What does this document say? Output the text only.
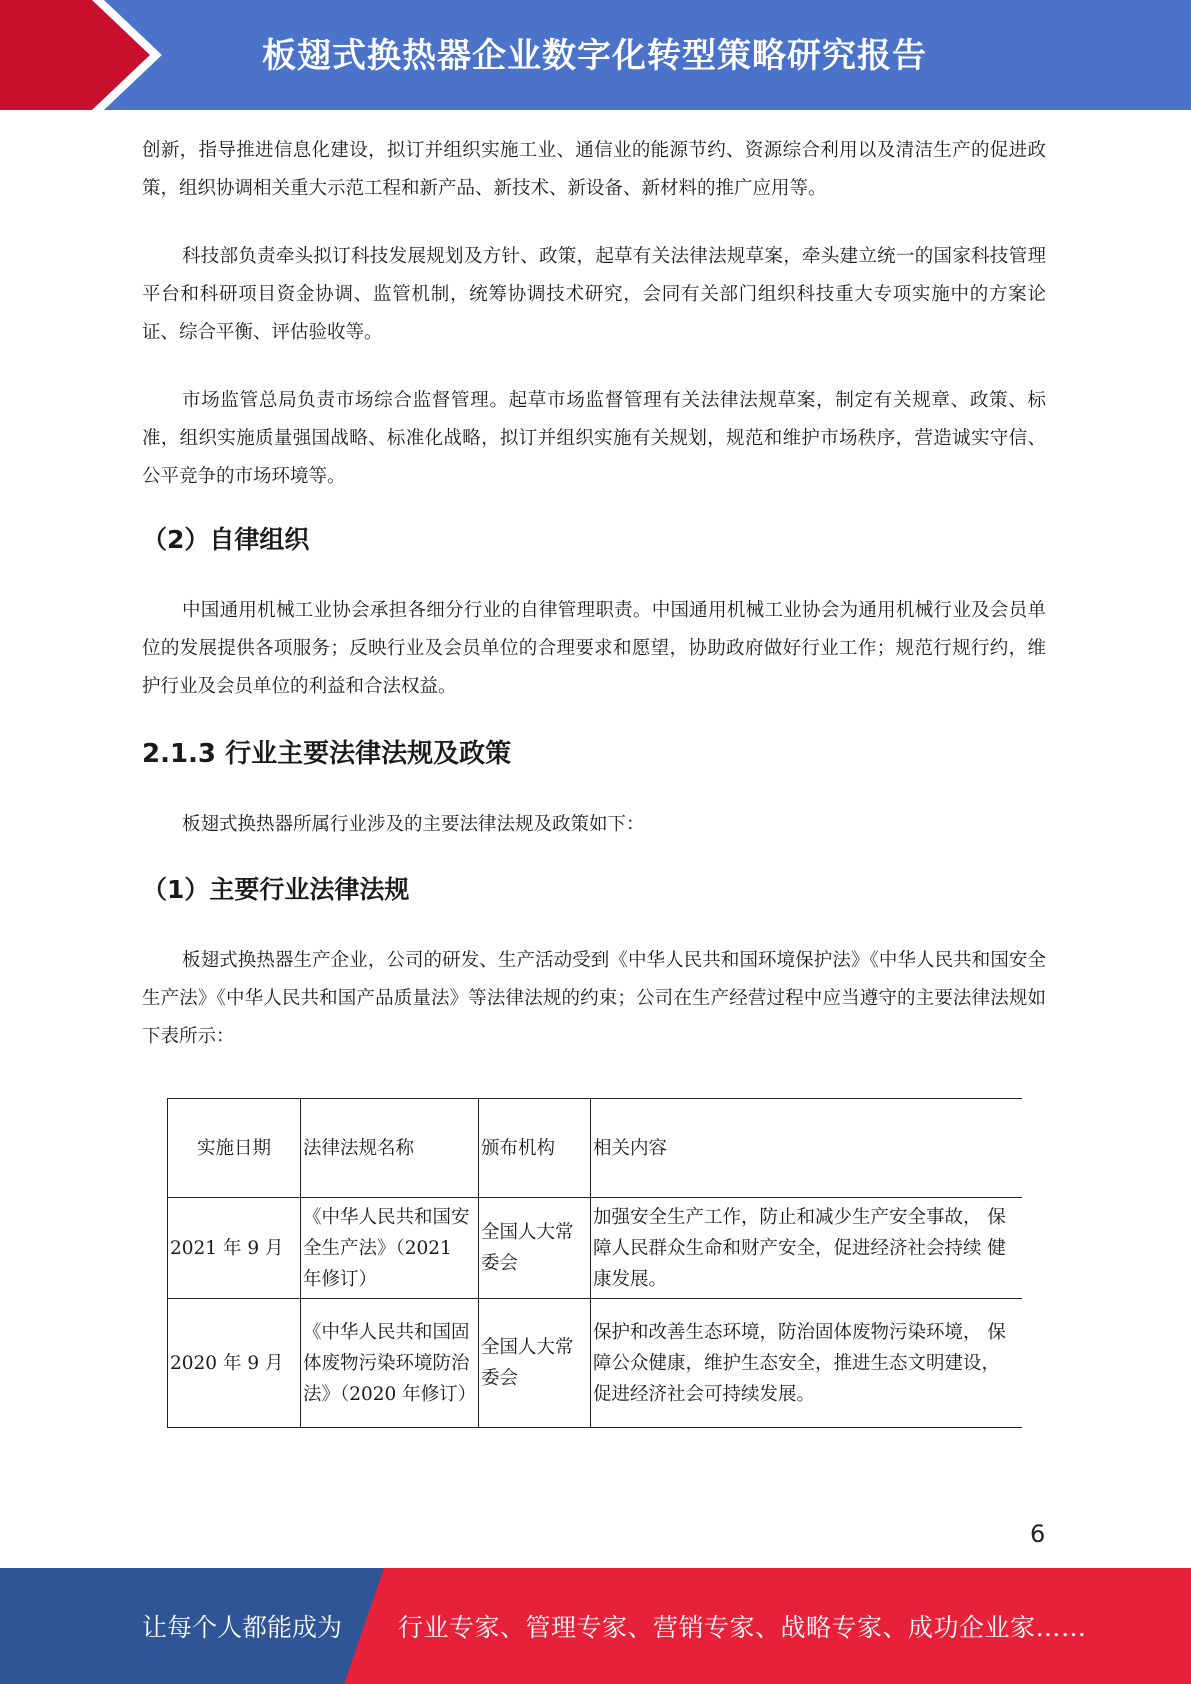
板翅式换热器企业数字化转型策略研究报告

创新，指导推进信息化建设，拟订并组织实施工业、通信业的能源节约、资源综合利用以及清洁生产的促进政策，组织协调相关重大示范工程和新产品、新技术、新设备、新材料的推广应用等。

科技部负责牵头拟订科技发展规划及方针、政策，起草有关法律法规草案，牵头建立统一的国家科技管理平台和科研项目资金协调、监管机制，统筹协调技术研究，会同有关部门组织科技重大专项实施中的方案论证、综合平衡、评估验收等。

市场监管总局负责市场综合监督管理。起草市场监督管理有关法律法规草案，制定有关规章、政策、标准，组织实施质量强国战略、标准化战略，拟订并组织实施有关规划，规范和维护市场秩序，营造诚实守信、公平竞争的市场环境等。

（2）自律组织

中国通用机械工业协会承担各细分行业的自律管理职责。中国通用机械工业协会为通用机械行业及会员单位的发展提供各项服务；反映行业及会员单位的合理要求和愿望，协助政府做好行业工作；规范行规行约，维护行业及会员单位的利益和合法权益。

2.1.3 行业主要法律法规及政策

板翅式换热器所属行业涉及的主要法律法规及政策如下：

（1）主要行业法律法规

板翅式换热器生产企业，公司的研发、生产活动受到《中华人民共和国环境保护法》《中华人民共和国安全生产法》《中华人民共和国产品质量法》等法律法规的约束；公司在生产经营过程中应当遵守的主要法律法规如下表所示：

实施日期	法律法规名称	颁布机构	相关内容
2021 年 9 月	《中华人民共和国安全生产法》（2021 年修订）	全国人大常委会	加强安全生产工作，防止和减少生产安全事故， 保障人民群众生命和财产安全，促进经济社会持续 健康发展。
2020 年 9 月	《中华人民共和国固体废物污染环境防治法》（2020 年修订）	全国人大常委会	保护和改善生态环境，防治固体废物污染环境， 保障公众健康，维护生态安全，推进生态文明建设， 促进经济社会可持续发展。
6
让每个人都能成为 行业专家、管理专家、营销专家、战略专家、成功企业家……
